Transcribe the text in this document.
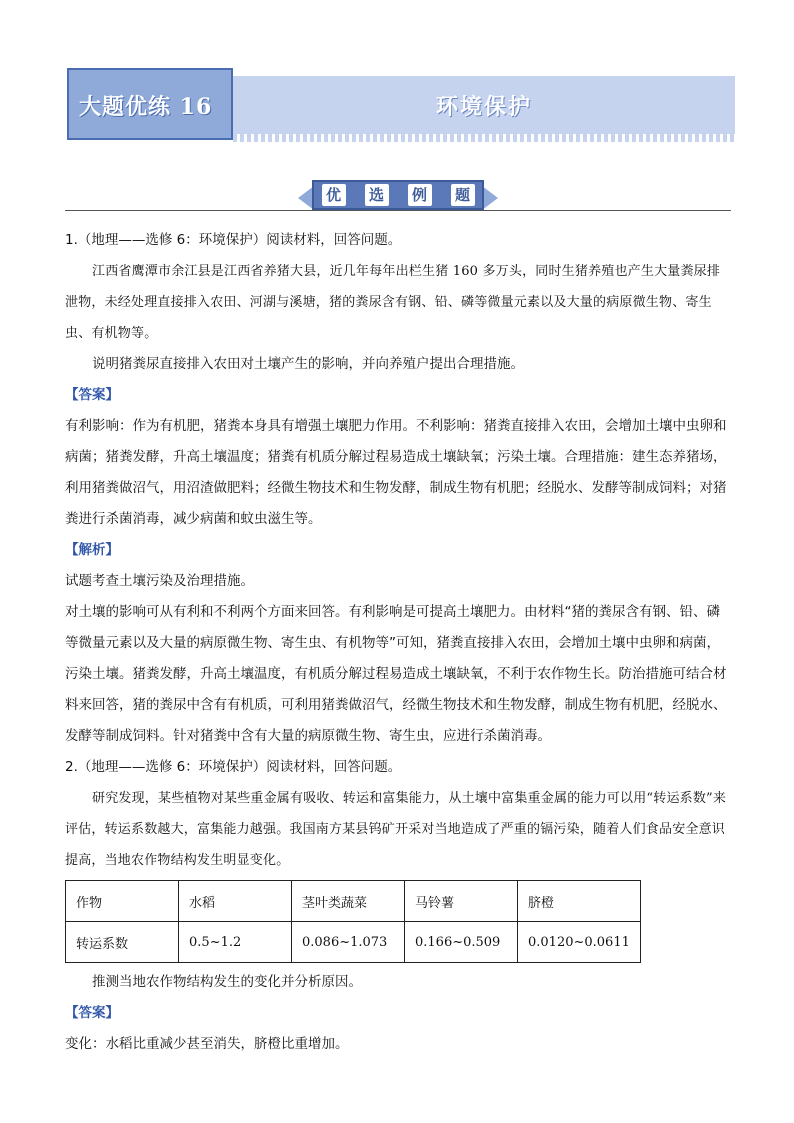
大题优练 16	环境保护
优	选	例	题

1.（地理——选修 6：环境保护）阅读材料，回答问题。

江西省鹰潭市余江县是江西省养猪大县，近几年每年出栏生猪 160 多万头，同时生猪养殖也产生大量粪尿排泄物，未经处理直接排入农田、河湖与溪塘，猪的粪尿含有钢、铅、磷等微量元素以及大量的病原微生物、寄生虫、有机物等。

说明猪粪尿直接排入农田对土壤产生的影响，并向养殖户提出合理措施。

【答案】

有利影响：作为有机肥，猪粪本身具有增强土壤肥力作用。不利影响：猪粪直接排入农田，会增加土壤中虫卵和病菌；猪粪发酵，升高土壤温度；猪粪有机质分解过程易造成土壤缺氧；污染土壤。合理措施：建生态养猪场，利用猪粪做沼气，用沼渣做肥料；经微生物技术和生物发酵，制成生物有机肥；经脱水、发酵等制成饲料；对猪粪进行杀菌消毒，减少病菌和蚊虫滋生等。

【解析】

试题考查土壤污染及治理措施。

对土壤的影响可从有利和不利两个方面来回答。有利影响是可提高土壤肥力。由材料“猪的粪尿含有钢、铅、磷等微量元素以及大量的病原微生物、寄生虫、有机物等”可知，猪粪直接排入农田，会增加土壤中虫卵和病菌，污染土壤。猪粪发酵，升高土壤温度，有机质分解过程易造成土壤缺氧，不利于农作物生长。防治措施可结合材料来回答，猪的粪尿中含有有机质，可利用猪粪做沼气，经微生物技术和生物发酵，制成生物有机肥，经脱水、发酵等制成饲料。针对猪粪中含有大量的病原微生物、寄生虫，应进行杀菌消毒。

2.（地理——选修 6：环境保护）阅读材料，回答问题。

研究发现，某些植物对某些重金属有吸收、转运和富集能力，从土壤中富集重金属的能力可以用“转运系数”来评估，转运系数越大，富集能力越强。我国南方某县钨矿开采对当地造成了严重的镉污染，随着人们食品安全意识提高，当地农作物结构发生明显变化。

作物	水稻	茎叶类蔬菜	马铃薯	脐橙
转运系数	0.5~1.2	0.086~1.073	0.166~0.509	0.0120~0.0611

推测当地农作物结构发生的变化并分析原因。

【答案】

变化：水稻比重减少甚至消失，脐橙比重增加。
